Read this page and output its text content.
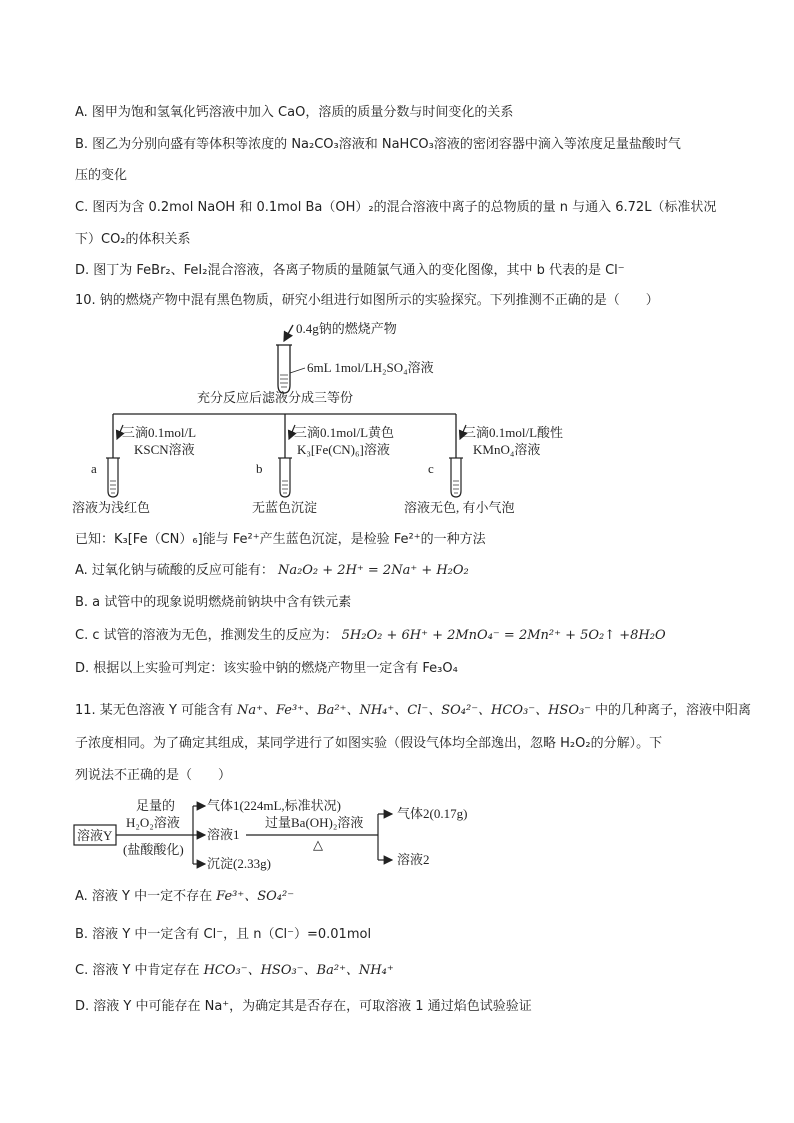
A. 图甲为饱和氢氧化钙溶液中加入 CaO，溶质的质量分数与时间变化的关系
B. 图乙为分别向盛有等体积等浓度的 Na₂CO₃溶液和 NaHCO₃溶液的密闭容器中滴入等浓度足量盐酸时气
压的变化
C. 图丙为含 0.2mol NaOH 和 0.1mol Ba（OH）₂的混合溶液中离子的总物质的量 n 与通入 6.72L（标准状况
下）CO₂的体积关系
D. 图丁为 FeBr₂、FeI₂混合溶液，各离子物质的量随氯气通入的变化图像，其中 b 代表的是 Cl⁻
10. 钠的燃烧产物中混有黑色物质，研究小组进行如图所示的实验探究。下列推测不正确的是（　　）
0.4g钠的燃烧产物
6mL 1mol/LH₂SO₄溶液
充分反应后滤液分成三等份
三滴0.1mol/L
KSCN溶液
三滴0.1mol/L黄色
K₃[Fe(CN)₆]溶液
三滴0.1mol/L酸性
KMnO₄溶液
a	b	c
溶液为浅红色	无蓝色沉淀	溶液无色, 有小气泡
已知：K₃[Fe（CN）₆]能与 Fe²⁺产生蓝色沉淀，是检验 Fe²⁺的一种方法
A. 过氧化钠与硫酸的反应可能有： Na₂O₂ + 2H⁺ = 2Na⁺ + H₂O₂
B. a 试管中的现象说明燃烧前钠块中含有铁元素
C. c 试管的溶液为无色，推测发生的反应为： 5H₂O₂ + 6H⁺ + 2MnO₄⁻ = 2Mn²⁺ + 5O₂↑ +8H₂O
D. 根据以上实验可判定：该实验中钠的燃烧产物里一定含有 Fe₃O₄
11. 某无色溶液 Y 可能含有 Na⁺、Fe³⁺、Ba²⁺、NH₄⁺、Cl⁻、SO₄²⁻、HCO₃⁻、HSO₃⁻ 中的几种离子，溶液中阳离
子浓度相同。为了确定其组成，某同学进行了如图实验（假设气体均全部逸出，忽略 H₂O₂的分解）。下
列说法不正确的是（　　）
溶液Y
足量的
H₂O₂溶液
(盐酸酸化)
气体1(224mL,标准状况)
溶液1
沉淀(2.33g)
过量Ba(OH)₂溶液
△
气体2(0.17g)
溶液2
A. 溶液 Y 中一定不存在 Fe³⁺、SO₄²⁻
B. 溶液 Y 中一定含有 Cl⁻，且 n（Cl⁻）=0.01mol
C. 溶液 Y 中肯定存在 HCO₃⁻、HSO₃⁻、Ba²⁺、NH₄⁺
D. 溶液 Y 中可能存在 Na⁺，为确定其是否存在，可取溶液 1 通过焰色试验验证
